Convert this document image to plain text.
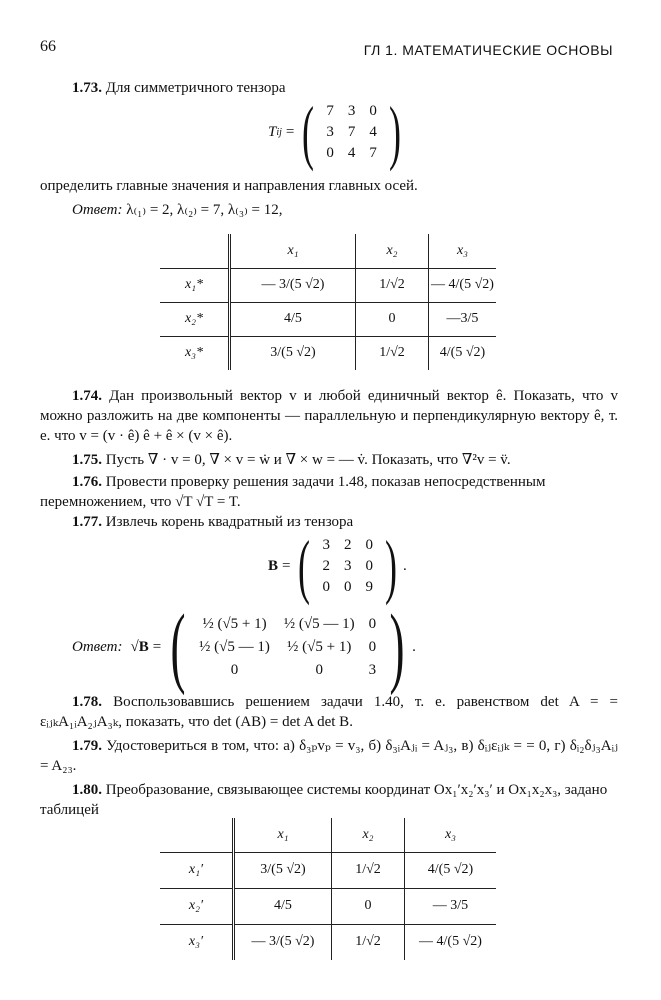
66	ГЛ 1. МАТЕМАТИЧЕСКИЕ ОСНОВЫ
1.73. Для симметричного тензора
T ij = ( 7 3 0
3 7 4
0 4 7 )
определить главные значения и направления главных осей.
Ответ: λ₍₁₎ = 2, λ₍₂₎ = 7, λ₍₃₎ = 12,
	x₁	x₂	x₃
x₁*	— 3/(5 √2)	1/√2	— 4/(5 √2)
x₂*	4/5	0	—3/5
x₃*	3/(5 √2)	1/√2	4/(5 √2)
1.74. Дан произвольный вектор v и любой единичный вектор ê. Показать, что v можно разложить на две компоненты — параллельную и перпендикулярную вектору ê, т. е. что v = (v · ê) ê + ê × (v × ê).
1.75. Пусть ∇ · v = 0, ∇ × v = ẇ и ∇ × w = — v̇. Показать, что ∇²v = v̈.
1.76. Провести проверку решения задачи 1.48, показав непосредственным перемножением, что √T √T = T.
1.77. Извлечь корень квадратный из тензора
B = ( 3 2 0
2 3 0
0 0 9 ) .
Ответ: √B = ( ½ (√5 + 1) ½ (√5 — 1) 0
½ (√5 — 1) ½ (√5 + 1) 0
0	0	3 ) .
1.78. Воспользовавшись решением задачи 1.40, т. е. равенством det A = = εᵢⱼₖA₁ᵢA₂ⱼA₃ₖ, показать, что det (AB) = det A det B.
1.79. Удостовериться в том, что: а) δ₃ₚvₚ = v₃, б) δ₃ᵢAⱼᵢ = Aⱼ₃, в) δᵢⱼεᵢⱼₖ = = 0, г) δᵢ₂δⱼ₃Aᵢⱼ = A₂₃.
1.80. Преобразование, связывающее системы координат Ox₁′x₂′x₃′ и Ox₁x₂x₃, задано таблицей
	x₁	x₂	x₃
x₁′	3/(5 √2)	1/√2	4/(5 √2)
x₂′	4/5	0	— 3/5
x₃′	— 3/(5 √2)	1/√2	— 4/(5 √2)
